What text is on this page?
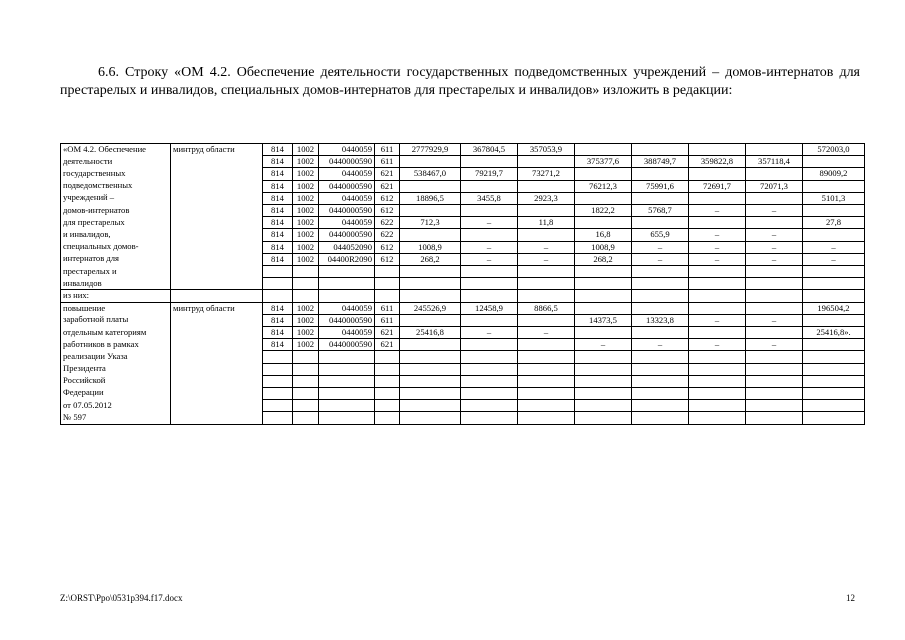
6.6. Строку «ОМ 4.2. Обеспечение деятельности государственных подведомственных учреждений – домов-интернатов для престарелых и инвалидов, специальных домов-интернатов для престарелых и инвалидов» изложить в редакции:

«ОМ 4.2. Обеспечение	минтруд области	814	1002	0440059	611	2777929,9	367804,5	357053,9					572003,0
деятельности		814	1002	0440000590	611				375377,6	388749,7	359822,8	357118,4	
государственных		814	1002	0440059	621	538467,0	79219,7	73271,2					89009,2
подведомственных		814	1002	0440000590	621				76212,3	75991,6	72691,7	72071,3	
учреждений –		814	1002	0440059	612	18896,5	3455,8	2923,3					5101,3
домов-интернатов		814	1002	0440000590	612				1822,2	5768,7	–	–	
для престарелых		814	1002	0440059	622	712,3	–	11,8					27,8
и инвалидов,		814	1002	0440000590	622				16,8	655,9	–	–	
специальных домов-		814	1002	044052090	612	1008,9	–	–	1008,9	–	–	–	–
интернатов для		814	1002	04400R2090	612	268,2	–	–	268,2	–	–	–	–
престарелых и													
инвалидов													
из них:													
повышение	минтруд области	814	1002	0440059	611	245526,9	12458,9	8866,5					196504,2
заработной платы		814	1002	0440000590	611				14373,5	13323,8	–	–	
отдельным категориям		814	1002	0440059	621	25416,8	–	–					25416,8».
работников в рамках		814	1002	0440000590	621				–	–	–	–	
реализации Указа													
Президента													
Российской													
Федерации													
от 07.05.2012													
№ 597													
Z:\ORST\Ppo\0531p394.f17.docx	12
